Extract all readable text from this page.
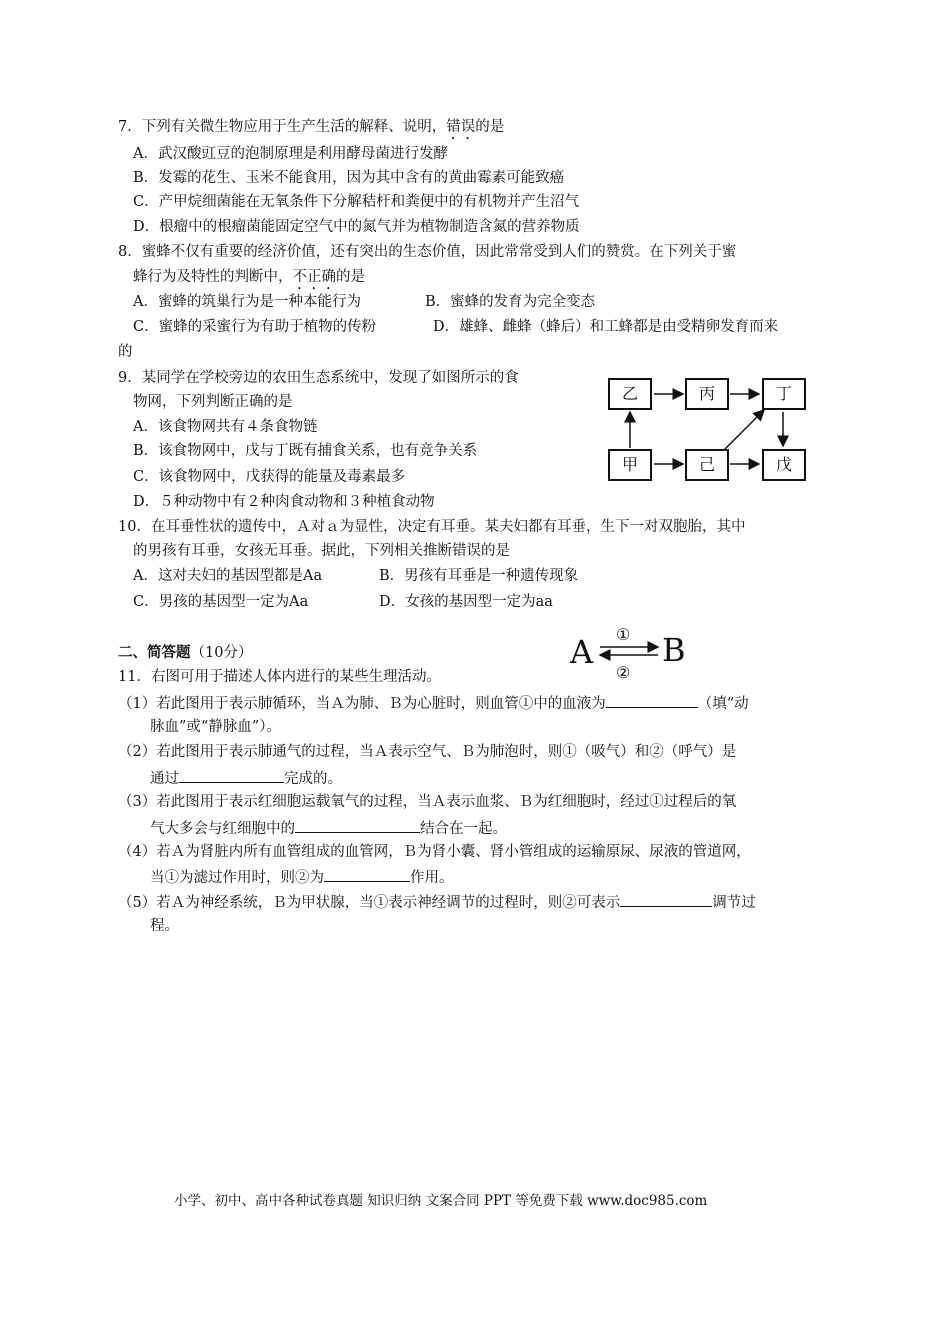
7．下列有关微生物应用于生产生活的解释、说明，错误的是
A．武汉酸豇豆的泡制原理是利用酵母菌进行发酵
B．发霉的花生、玉米不能食用，因为其中含有的黄曲霉素可能致癌
C．产甲烷细菌能在无氧条件下分解秸杆和粪便中的有机物并产生沼气
D．根瘤中的根瘤菌能固定空气中的氮气并为植物制造含氮的营养物质
8．蜜蜂不仅有重要的经济价值，还有突出的生态价值，因此常常受到人们的赞赏。在下列关于蜜
蜂行为及特性的判断中，不正确的是
A．蜜蜂的筑巢行为是一种本能行为	B．蜜蜂的发育为完全变态
C．蜜蜂的采蜜行为有助于植物的传粉	D．雄蜂、雌蜂（蜂后）和工蜂都是由受精卵发育而来
的
9．某同学在学校旁边的农田生态系统中，发现了如图所示的食
物网，下列判断正确的是
A．该食物网共有４条食物链
B．该食物网中，戊与丁既有捕食关系，也有竞争关系
C．该食物网中，戊获得的能量及毒素最多
D．５种动物中有２种肉食动物和３种植食动物
乙	丙	丁
甲	己	戊
10．在耳垂性状的遗传中，Ａ对ａ为显性，决定有耳垂。某夫妇都有耳垂，生下一对双胞胎，其中
的男孩有耳垂，女孩无耳垂。据此，下列相关推断错误的是
A．这对夫妇的基因型都是Aa	B．男孩有耳垂是一种遗传现象
C．男孩的基因型一定为Aa	D．女孩的基因型一定为aa
二、简答题（10分）	A B
①
②
11．右图可用于描述人体内进行的某些生理活动。
（1）若此图用于表示肺循环，当Ａ为肺、Ｂ为心脏时，则血管①中的血液为	（填“动
脉血”或“静脉血”）。
（2）若此图用于表示肺通气的过程，当Ａ表示空气、Ｂ为肺泡时，则①（吸气）和②（呼气）是
通过	完成的。
（3）若此图用于表示红细胞运载氧气的过程，当Ａ表示血浆、Ｂ为红细胞时，经过①过程后的氧
气大多会与红细胞中的	结合在一起。
（4）若Ａ为肾脏内所有血管组成的血管网，Ｂ为肾小囊、肾小管组成的运输原尿、尿液的管道网，
当①为滤过作用时，则②为	作用。
（5）若Ａ为神经系统，Ｂ为甲状腺，当①表示神经调节的过程时，则②可表示	调节过
程。
小学、初中、高中各种试卷真题 知识归纳 文案合同 PPT 等免费下载 www.doc985.com
